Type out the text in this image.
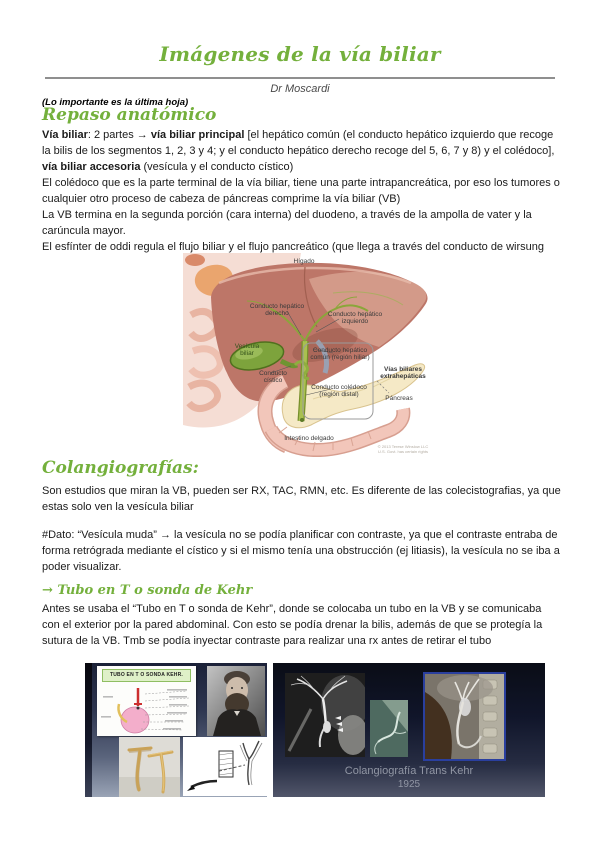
Imágenes de la vía biliar
Dr Moscardi
(Lo importante es la última hoja)
Repaso anatómico
Vía biliar: 2 partes → vía biliar principal [el hepático común (el conducto hepático izquierdo que recoge la bilis de los segmentos 1, 2, 3 y 4; y el conducto hepático derecho recoge del 5, 6, 7 y 8) y el colédoco], vía biliar accesoria (vesícula y el conducto cístico)
El colédoco que es la parte terminal de la vía biliar, tiene una parte intrapancreática, por eso los tumores o cualquier otro proceso de cabeza de páncreas comprime la vía biliar (VB)
La VB termina en la segunda porción (cara interna) del duodeno, a través de la ampolla de vater y la carúncula mayor.
El esfínter de oddi regula el flujo biliar y el flujo pancreático (que llega a través del conducto de wirsung
Hígado
Conducto hepático derecho	Conducto hepático izquierdo
Vesícula biliar
Conducto cístico
Conducto hepático común (región hiliar)
Conducto colédoco (región distal)
Vías biliares extrahepáticas
Páncreas
Intestino delgado
© 2013 Terese Winslow LLC U.S. Govt. has certain rights
Colangiografías:
Son estudios que miran la VB, pueden ser RX, TAC, RMN, etc. Es diferente de las colecistografias, ya que estas solo ven la vesícula biliar
#Dato: “Vesícula muda” → la vesícula no se podía planificar con contraste, ya que el contraste entraba de forma retrógrada mediante el cístico y si el mismo tenía una obstrucción (ej litiasis), la vesícula no se iba a poder visualizar.
→ Tubo en T o sonda de Kehr
Antes se usaba el “Tubo en T o sonda de Kehr”, donde se colocaba un tubo en la VB y se comunicaba con el exterior por la pared abdominal. Con esto se podía drenar la bilis, además de que se protegía la sutura de la VB. Tmb se podía inyectar contraste para realizar una rx antes de retirar el tubo
TUBO EN T O SONDA KEHR.
Colangiografía Trans Kehr
1925
